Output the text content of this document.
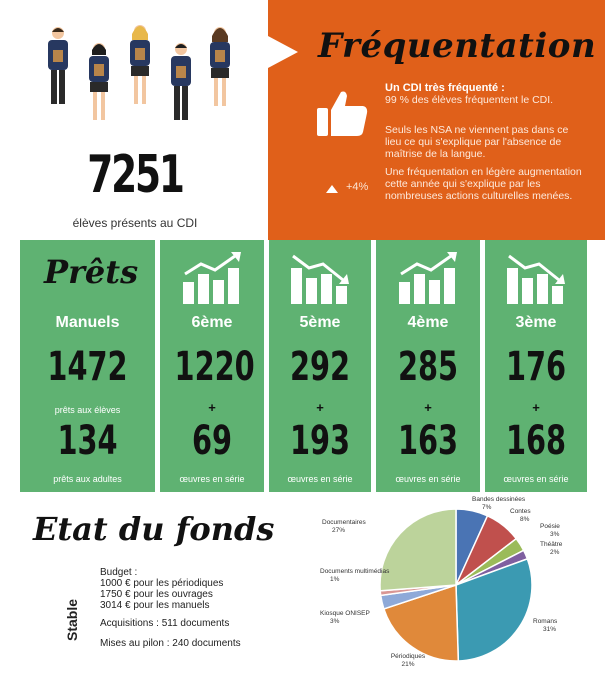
7251
élèves présents au CDI
Fréquentation
+4%
Un CDI très fréquenté :
99 % des élèves fréquentent le CDI.
Seuls les NSA ne viennent pas dans ce lieu ce qui s'explique par l'absence de maîtrise de la langue.
Une fréquentation en légère augmentation cette année qui s'explique par les nombreuses actions culturelles menées.
Prêts
Manuels
1472
prêts aux élèves
134
prêts aux adultes
6ème
1220
+
69
œuvres en série
5ème
292
+
193
œuvres en série
4ème
285
+
163
œuvres en série
3ème
176
+
168
œuvres en série
Etat du fonds
Stable
Budget :
1000 € pour les périodiques
1750 € pour les ouvrages
3014 € pour les manuels
Acquisitions : 511 documents
Mises au pilon : 240 documents
Bandes dessinées
7%
Contes
8%
Poésie
3%
Théâtre
2%
Romans
31%
Périodiques
21%
Kiosque ONISEP
3%
Documents multimédias
1%
Documentaires
27%
